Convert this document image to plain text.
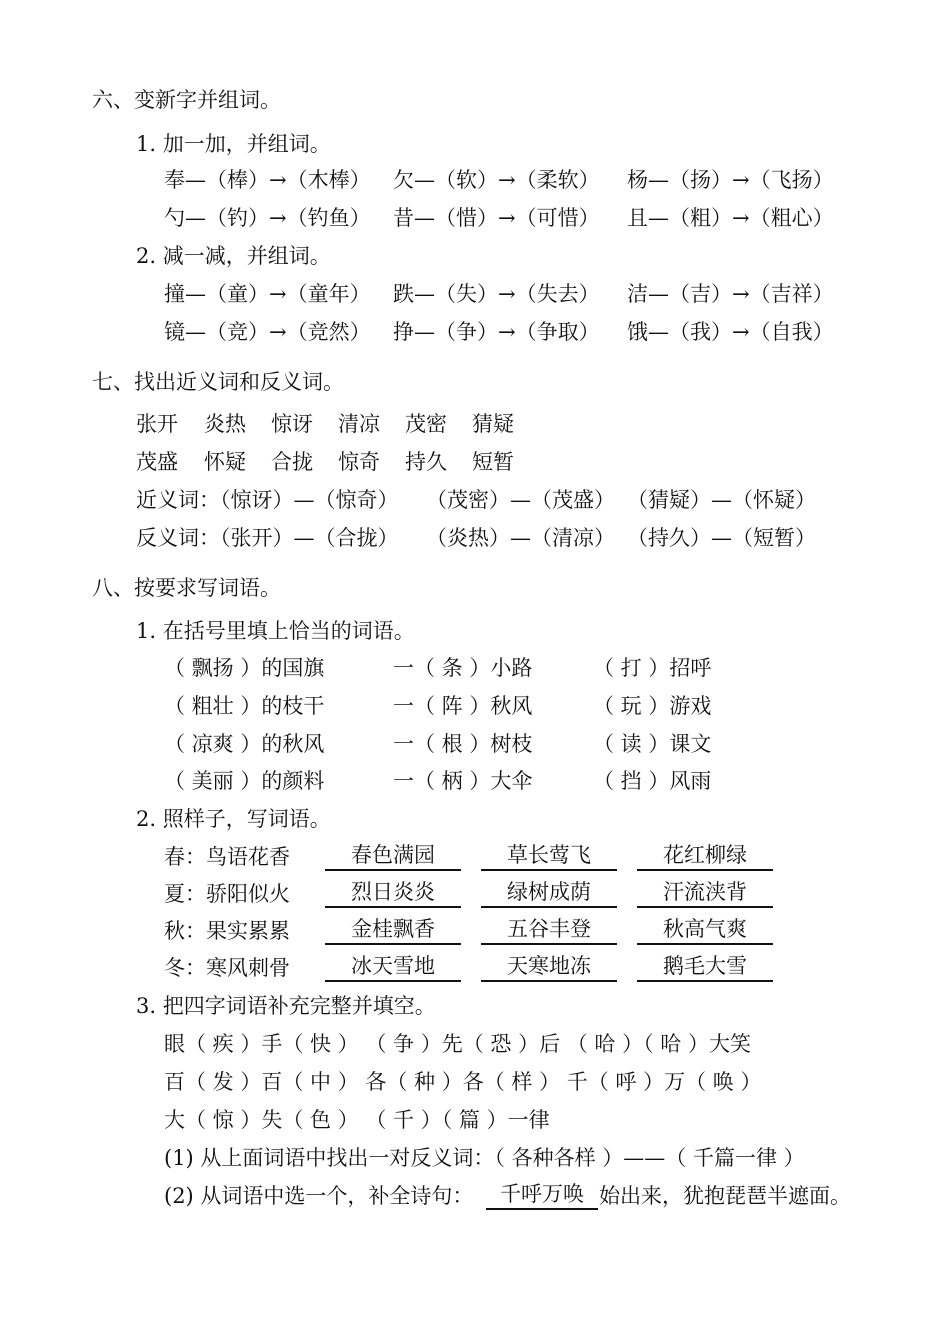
六、变新字并组词。
1. 加一加，并组词。
奉—（棒）→（木棒） 欠—（软）→（柔软） 杨—（扬）→（飞扬）
勺—（钓）→（钓鱼） 昔—（惜）→（可惜） 且—（粗）→（粗心）
2. 减一减，并组词。
撞—（童）→（童年） 跌—（失）→（失去） 洁—（吉）→（吉祥）
镜—（竞）→（竞然） 挣—（争）→（争取） 饿—（我）→（自我）
七、找出近义词和反义词。
张开 炎热 惊讶 清凉 茂密 猜疑
茂盛 怀疑 合拢 惊奇 持久 短暂
近义词：（惊讶）—（惊奇） （茂密）—（茂盛） （猜疑）—（怀疑）
反义词：（张开）—（合拢） （炎热）—（清凉） （持久）—（短暂）
八、按要求写词语。
1. 在括号里填上恰当的词语。
（ 飘扬 ）的国旗	一（ 条 ）小路	（ 打 ）招呼
（ 粗壮 ）的枝干	一（ 阵 ）秋风	（ 玩 ）游戏
（ 凉爽 ）的秋风	一（ 根 ）树枝	（ 读 ）课文
（ 美丽 ）的颜料	一（ 柄 ）大伞	（ 挡 ）风雨
2. 照样子，写词语。
春：鸟语花香	春色满园	草长莺飞	花红柳绿
夏：骄阳似火	烈日炎炎	绿树成荫	汗流浃背
秋：果实累累	金桂飘香	五谷丰登	秋高气爽
冬：寒风刺骨	冰天雪地	天寒地冻	鹅毛大雪
3. 把四字词语补充完整并填空。
眼（ 疾 ）手（ 快 ） （ 争 ）先（ 恐 ）后 （ 哈 ）（ 哈 ）大笑
百（ 发 ）百（ 中 ） 各（ 种 ）各（ 样 ） 千（ 呼 ）万（ 唤 ）
大（ 惊 ）失（ 色 ） （ 千 ）（ 篇 ）一律
(1) 从上面词语中找出一对反义词：（ 各种各样 ）——（ 千篇一律 ）
(2) 从词语中选一个，补全诗句：	千呼万唤 始出来，犹抱琵琶半遮面。
